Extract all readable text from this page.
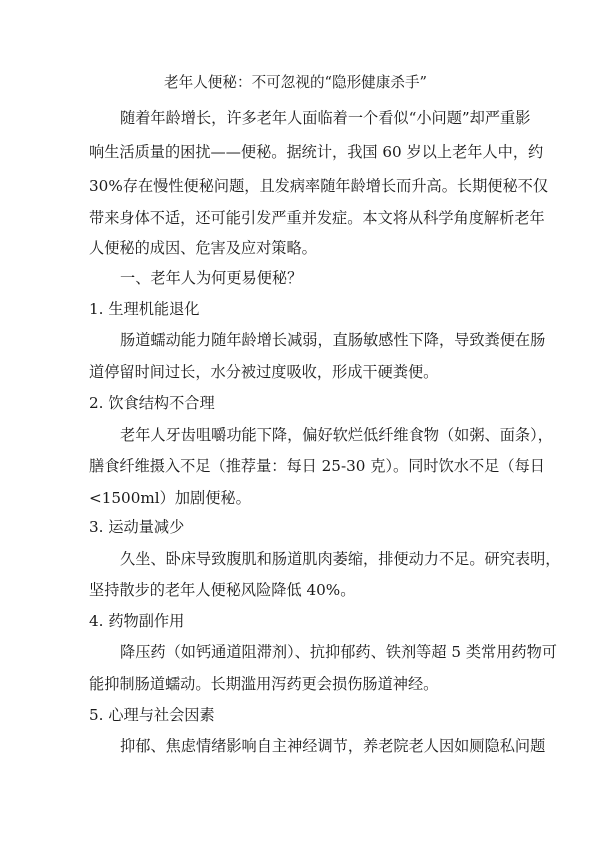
老年人便秘：不可忽视的“隐形健康杀手”
随着年龄增长，许多老年人面临着一个看似“小问题”却严重影
响生活质量的困扰——便秘。据统计，我国 60 岁以上老年人中，约
30%存在慢性便秘问题，且发病率随年龄增长而升高。长期便秘不仅
带来身体不适，还可能引发严重并发症。本文将从科学角度解析老年
人便秘的成因、危害及应对策略。
一、老年人为何更易便秘？
1. 生理机能退化
肠道蠕动能力随年龄增长减弱，直肠敏感性下降，导致粪便在肠
道停留时间过长，水分被过度吸收，形成干硬粪便。
2. 饮食结构不合理
老年人牙齿咀嚼功能下降，偏好软烂低纤维食物（如粥、面条），
膳食纤维摄入不足（推荐量：每日 25-30 克）。同时饮水不足（每日
<1500ml）加剧便秘。
3. 运动量减少
久坐、卧床导致腹肌和肠道肌肉萎缩，排便动力不足。研究表明，
坚持散步的老年人便秘风险降低 40%。
4. 药物副作用
降压药（如钙通道阻滞剂）、抗抑郁药、铁剂等超 5 类常用药物可
能抑制肠道蠕动。长期滥用泻药更会损伤肠道神经。
5. 心理与社会因素
抑郁、焦虑情绪影响自主神经调节，养老院老人因如厕隐私问题
